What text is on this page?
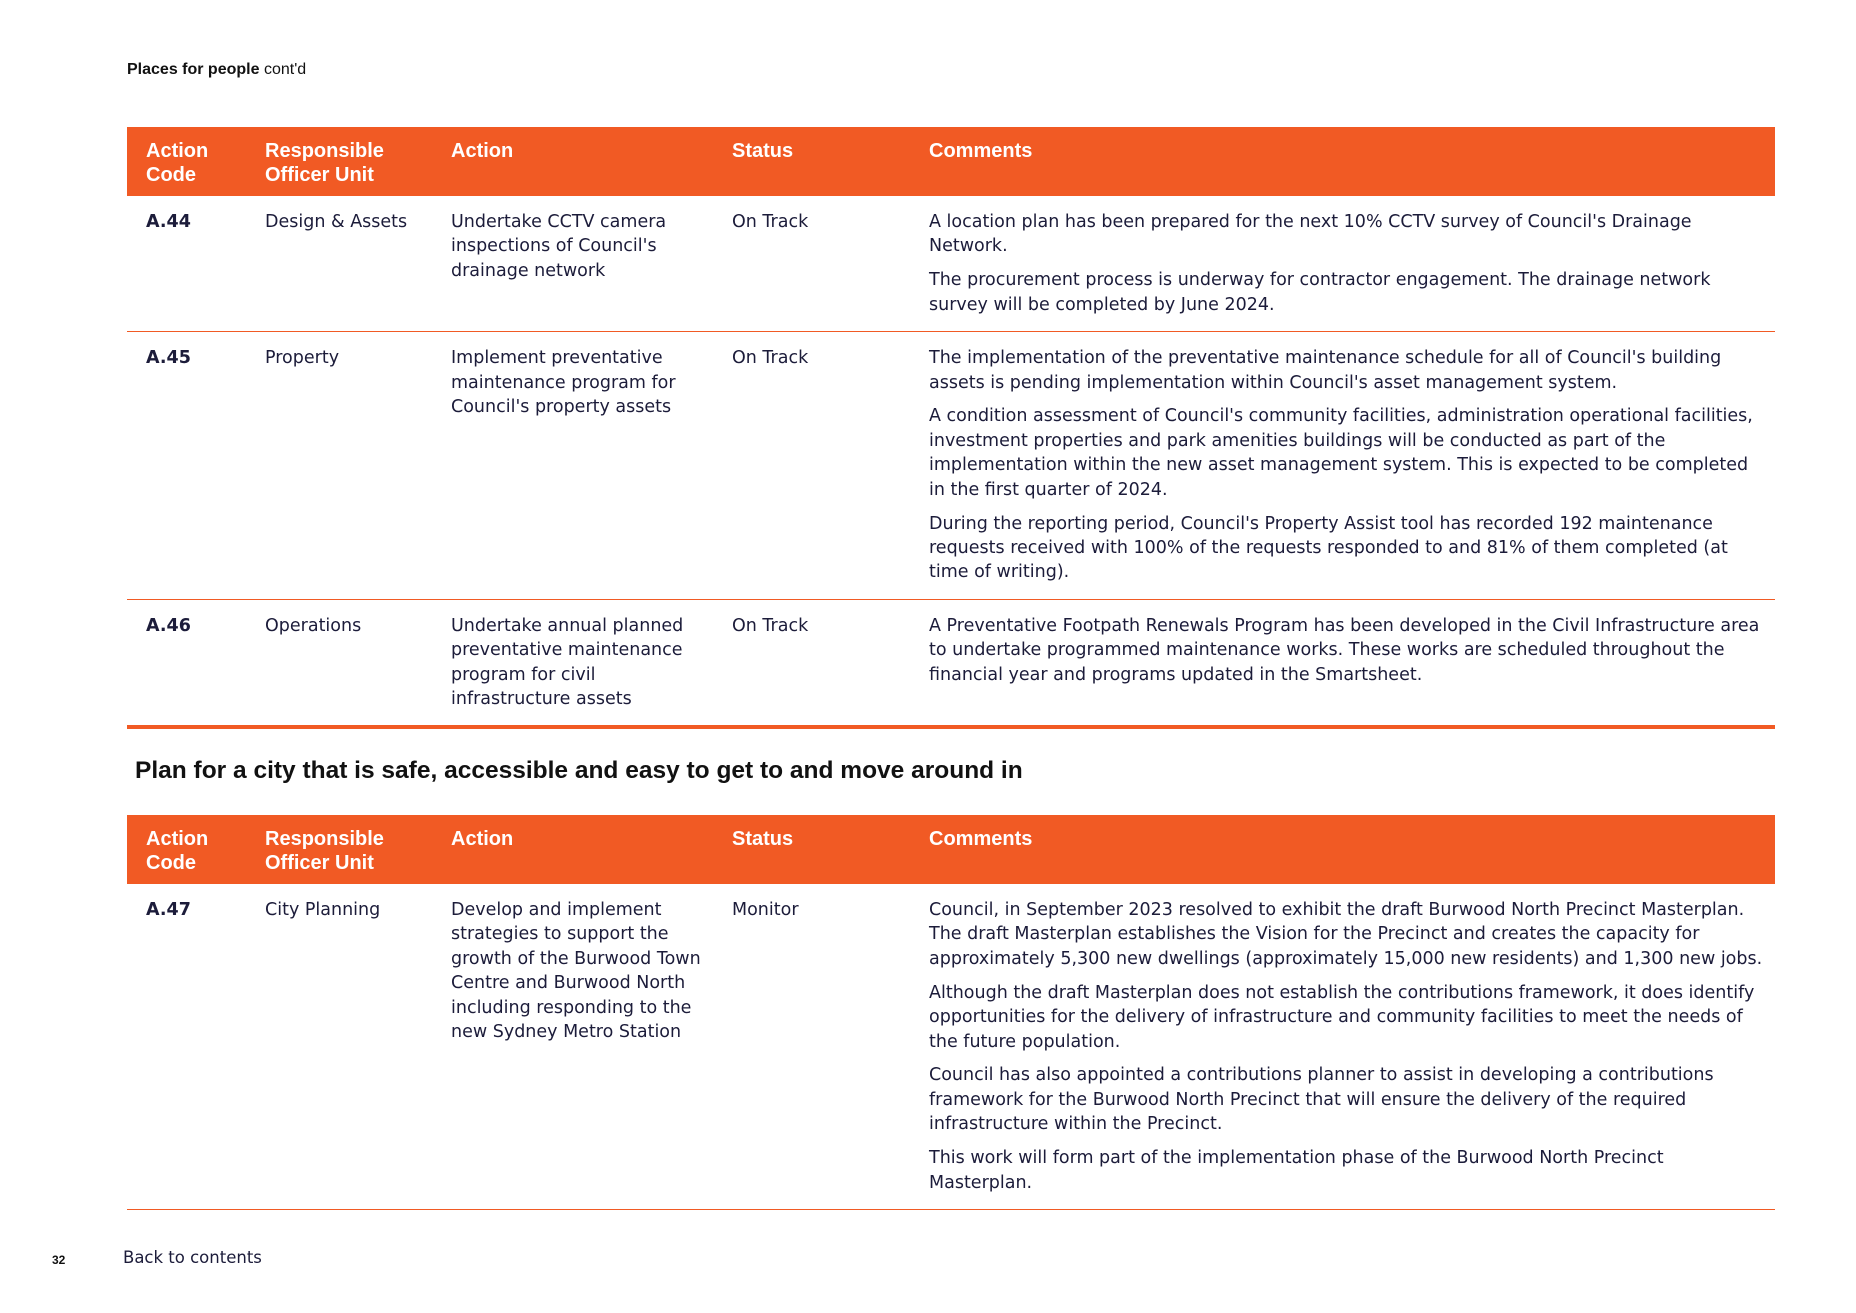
Places for people cont'd
Action Code	Responsible Officer Unit	Action	Status	Comments
A.44	Design & Assets	Undertake CCTV camera inspections of Council's drainage network	On Track	A location plan has been prepared for the next 10% CCTV survey of Council's Drainage Network.

The procurement process is underway for contractor engagement. The drainage network survey will be completed by June 2024.

A.45	Property	Implement preventative maintenance program for Council's property assets	On Track	The implementation of the preventative maintenance schedule for all of Council's building assets is pending implementation within Council's asset management system.

A condition assessment of Council's community facilities, administration operational facilities, investment properties and park amenities buildings will be conducted as part of the implementation within the new asset management system. This is expected to be completed in the first quarter of 2024.

During the reporting period, Council's Property Assist tool has recorded 192 maintenance requests received with 100% of the requests responded to and 81% of them completed (at time of writing).

A.46	Operations	Undertake annual planned preventative maintenance program for civil infrastructure assets	On Track	A Preventative Footpath Renewals Program has been developed in the Civil Infrastructure area to undertake programmed maintenance works. These works are scheduled throughout the financial year and programs updated in the Smartsheet.

Plan for a city that is safe, accessible and easy to get to and move around in
Action Code	Responsible Officer Unit	Action	Status	Comments
A.47	City Planning	Develop and implement strategies to support the growth of the Burwood Town Centre and Burwood North including responding to the new Sydney Metro Station	Monitor	Council, in September 2023 resolved to exhibit the draft Burwood North Precinct Masterplan. The draft Masterplan establishes the Vision for the Precinct and creates the capacity for approximately 5,300 new dwellings (approximately 15,000 new residents) and 1,300 new jobs.

Although the draft Masterplan does not establish the contributions framework, it does identify opportunities for the delivery of infrastructure and community facilities to meet the needs of the future population.

Council has also appointed a contributions planner to assist in developing a contributions framework for the Burwood North Precinct that will ensure the delivery of the required infrastructure within the Precinct.

This work will form part of the implementation phase of the Burwood North Precinct Masterplan.

32	Back to contents
